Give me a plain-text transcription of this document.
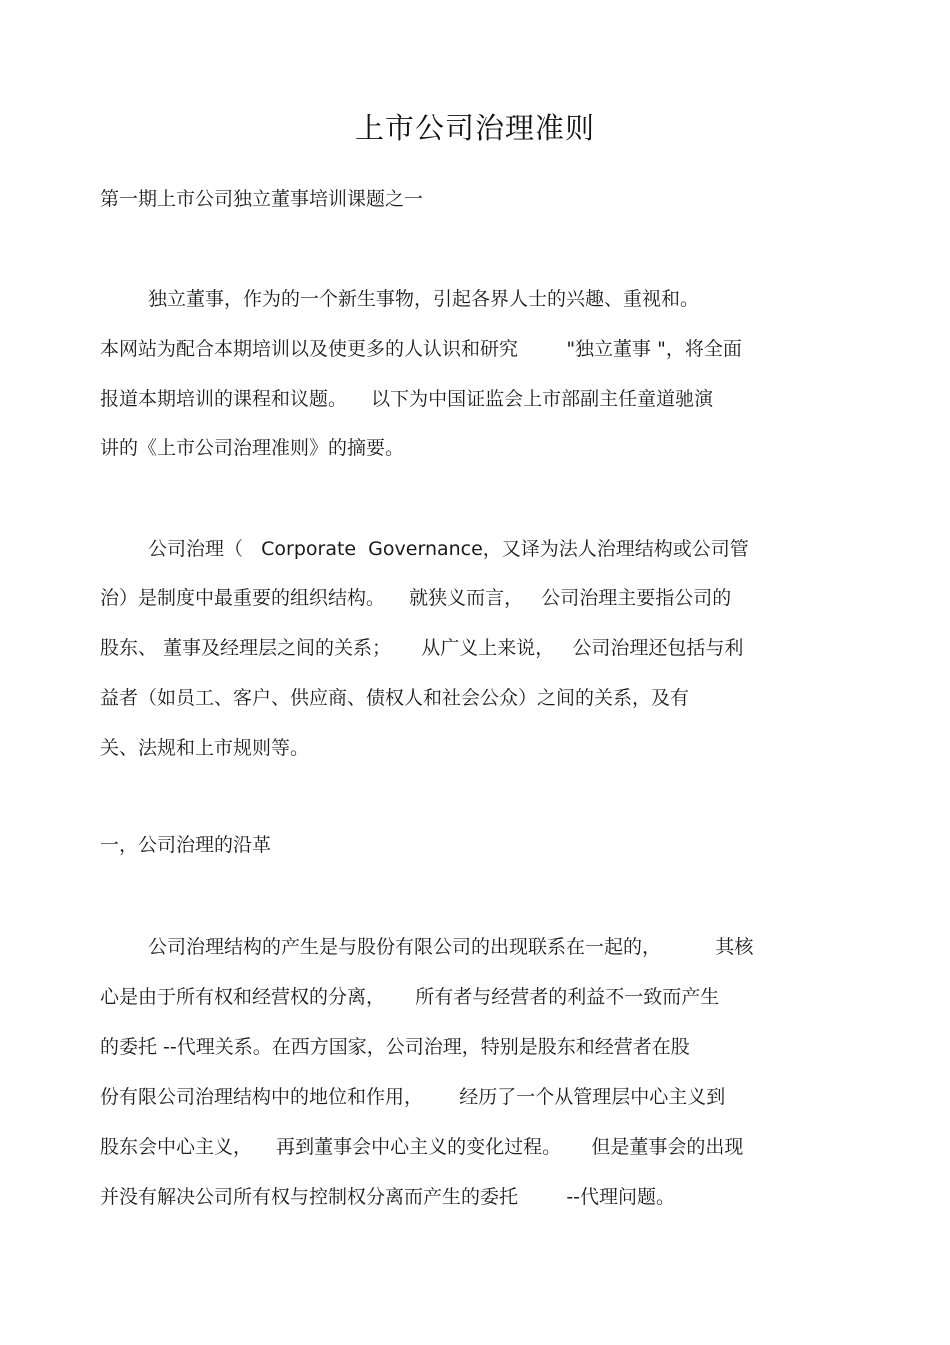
上市公司治理准则
第一期上市公司独立董事培训课题之一
独立董事，作为的一个新生事物，引起各界人士的兴趣、重视和。
本网站为配合本期培训以及使更多的人认识和研究        "独立董事 "，将全面
报道本期培训的课程和议题。    以下为中国证监会上市部副主任童道驰演
讲的《上市公司治理准则》的摘要。
公司治理（   Corporate  Governance，又译为法人治理结构或公司管
治）是制度中最重要的组织结构。    就狭义而言，   公司治理主要指公司的
股东、 董事及经理层之间的关系；     从广义上来说，   公司治理还包括与利
益者（如员工、客户、供应商、债权人和社会公众）之间的关系，及有
关、法规和上市规则等。
一，公司治理的沿革
公司治理结构的产生是与股份有限公司的出现联系在一起的，         其核
心是由于所有权和经营权的分离，     所有者与经营者的利益不一致而产生
的委托 --代理关系。在西方国家，公司治理，特别是股东和经营者在股
份有限公司治理结构中的地位和作用，      经历了一个从管理层中心主义到
股东会中心主义，    再到董事会中心主义的变化过程。     但是董事会的出现
并没有解决公司所有权与控制权分离而产生的委托        --代理问题。
